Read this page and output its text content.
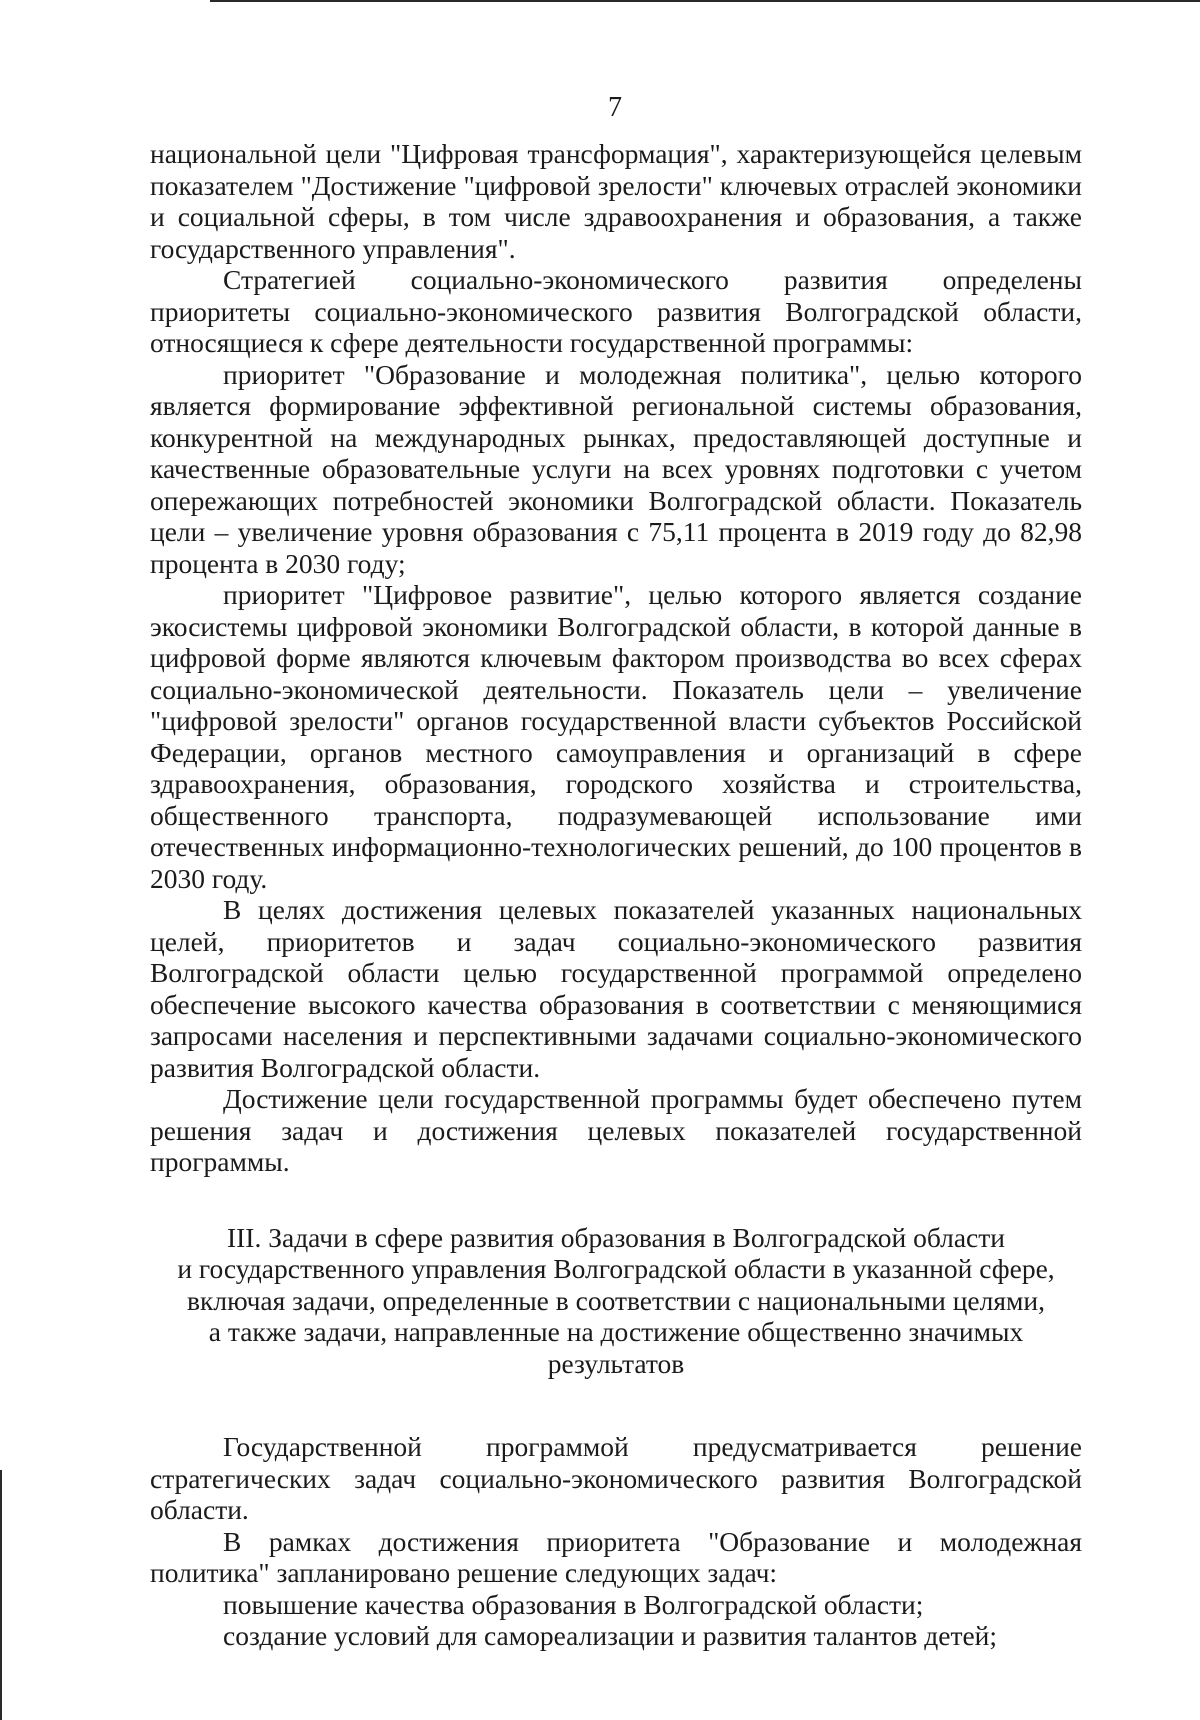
7

национальной цели "Цифровая трансформация", характеризующейся целевым показателем "Достижение "цифровой зрелости" ключевых отраслей экономики и социальной сферы, в том числе здравоохранения и образования, а также государственного управления".

Стратегией социально-экономического развития определены приоритеты социально-экономического развития Волгоградской области, относящиеся к сфере деятельности государственной программы:

приоритет "Образование и молодежная политика", целью которого является формирование эффективной региональной системы образования, конкурентной на международных рынках, предоставляющей доступные и качественные образовательные услуги на всех уровнях подготовки с учетом опережающих потребностей экономики Волгоградской области. Показатель цели – увеличение уровня образования с 75,11 процента в 2019 году до 82,98 процента в 2030 году;

приоритет "Цифровое развитие", целью которого является создание экосистемы цифровой экономики Волгоградской области, в которой данные в цифровой форме являются ключевым фактором производства во всех сферах социально-экономической деятельности. Показатель цели – увеличение "цифровой зрелости" органов государственной власти субъектов Российской Федерации, органов местного самоуправления и организаций в сфере здравоохранения, образования, городского хозяйства и строительства, общественного транспорта, подразумевающей использование ими отечественных информационно-технологических решений, до 100 процентов в 2030 году.

В целях достижения целевых показателей указанных национальных целей, приоритетов и задач социально-экономического развития Волгоградской области целью государственной программой определено обеспечение высокого качества образования в соответствии с меняющимися запросами населения и перспективными задачами социально-экономического развития Волгоградской области.

Достижение цели государственной программы будет обеспечено путем решения задач и достижения целевых показателей государственной программы.

III. Задачи в сфере развития образования в Волгоградской области
и государственного управления Волгоградской области в указанной сфере,
включая задачи, определенные в соответствии с национальными целями,
а также задачи, направленные на достижение общественно значимых
результатов

Государственной программой предусматривается решение стратегических задач социально-экономического развития Волгоградской области.

В рамках достижения приоритета "Образование и молодежная политика" запланировано решение следующих задач:

повышение качества образования в Волгоградской области;

создание условий для самореализации и развития талантов детей;
